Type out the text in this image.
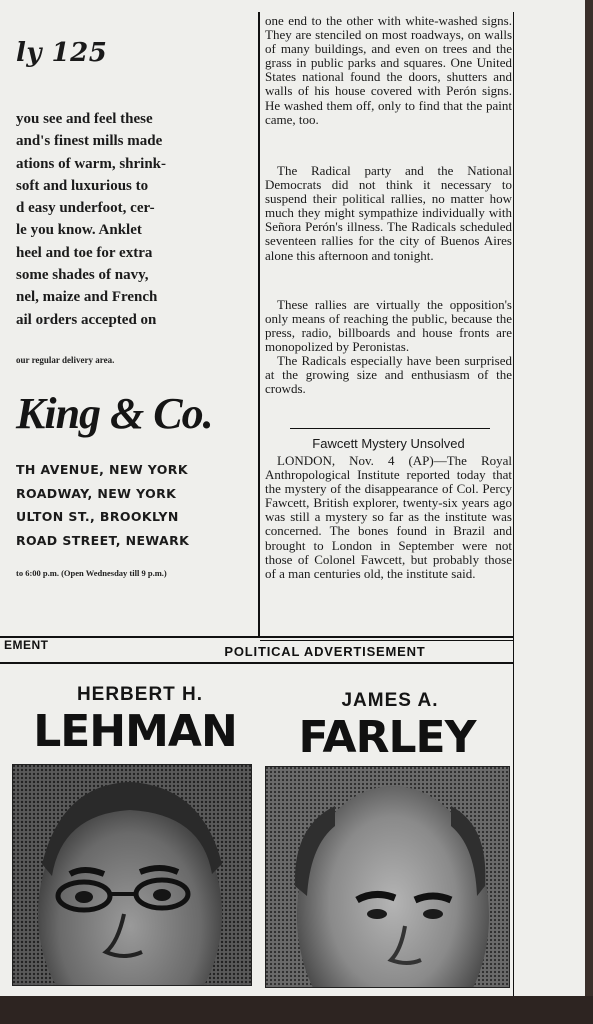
ly 125
you see and feel these
and's finest mills made
ations of warm, shrink-
soft and luxurious to
d easy underfoot, cer-
le you know. Anklet
heel and toe for extra
some shades of navy,
nel, maize and French
ail orders accepted on
our regular delivery area.
King & Co.
TH AVENUE, NEW YORK
ROADWAY, NEW YORK
ULTON ST., BROOKLYN
ROAD STREET, NEWARK
to 6:00 p.m. (Open Wednesday till 9 p.m.)

one end to the other with white-washed signs. They are stenciled on most roadways, on walls of many buildings, and even on trees and the grass in public parks and squares. One United States national found the doors, shutters and walls of his house covered with Perón signs. He washed them off, only to find that the paint came, too.

The Radical party and the National Democrats did not think it necessary to suspend their political rallies, no matter how much they might sympathize individually with Señora Perón's illness. The Radicals scheduled seventeen rallies for the city of Buenos Aires alone this afternoon and tonight.

These rallies are virtually the opposition's only means of reaching the public, because the press, radio, billboards and house fronts are monopolized by Peronistas.

The Radicals especially have been surprised at the growing size and enthusiasm of the crowds.

Fawcett Mystery Unsolved

LONDON, Nov. 4 (AP)—The Royal Anthropological Institute reported today that the mystery of the disappearance of Col. Percy Fawcett, British explorer, twenty-six years ago was still a mystery so far as the institute was concerned. The bones found in Brazil and brought to London in September were not those of Colonel Fawcett, but probably those of a man centuries old, the institute said.

EMENT	POLITICAL ADVERTISEMENT
HERBERT H.
LEHMAN
JAMES A.
FARLEY
